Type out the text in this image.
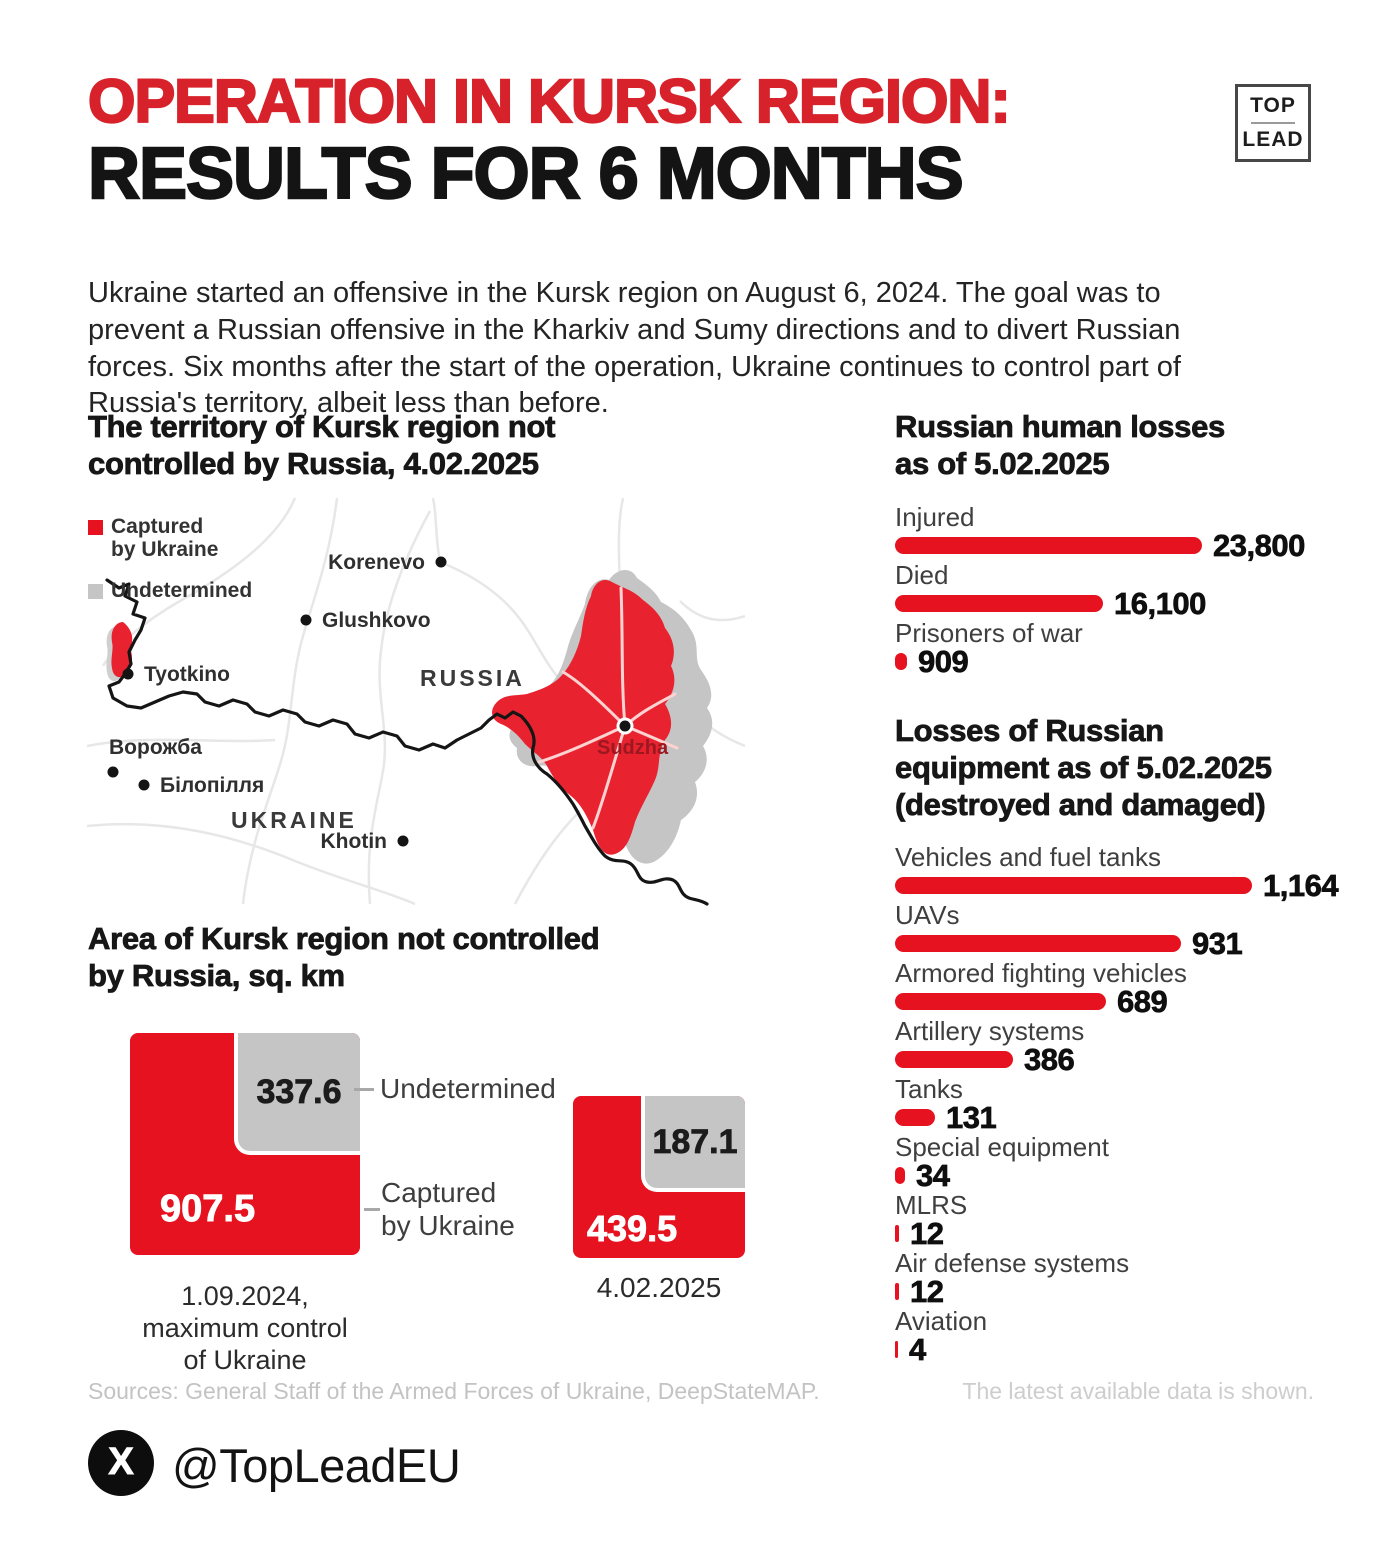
OPERATION IN KURSK REGION:
RESULTS FOR 6 MONTHS
TOP
LEAD

Ukraine started an offensive in the Kursk region on August 6, 2024. The goal was to prevent a Russian offensive in the Kharkiv and Sumy directions and to divert Russian forces. Six months after the start of the operation, Ukraine continues to control part of Russia's territory, albeit less than before.

The territory of Kursk region not
controlled by Russia, 4.02.2025
Captured
by Ukraine
Undetermined
Korenevo
Glushkovo
Tyotkino
Ворожба
Білопілля
Khotin
Sudzha
RUSSIA
UKRAINE
Russian human losses
as of 5.02.2025
Injured
23,800
Died
16,100
Prisoners of war
909
Losses of Russian
equipment as of 5.02.2025
(destroyed and damaged)
Vehicles and fuel tanks
1,164
UAVs
931
Armored fighting vehicles
689
Artillery systems
386
Tanks
131
Special equipment
34
MLRS
12
Air defense systems
12
Aviation
4
Area of Kursk region not controlled
by Russia, sq. km
337.6
907.5
1.09.2024,
maximum control
of Ukraine
Undetermined
Captured
by Ukraine
187.1
439.5
4.02.2025
Sources: General Staff of the Armed Forces of Ukraine, DeepStateMAP.	The latest available data is shown.
X @TopLeadEU
